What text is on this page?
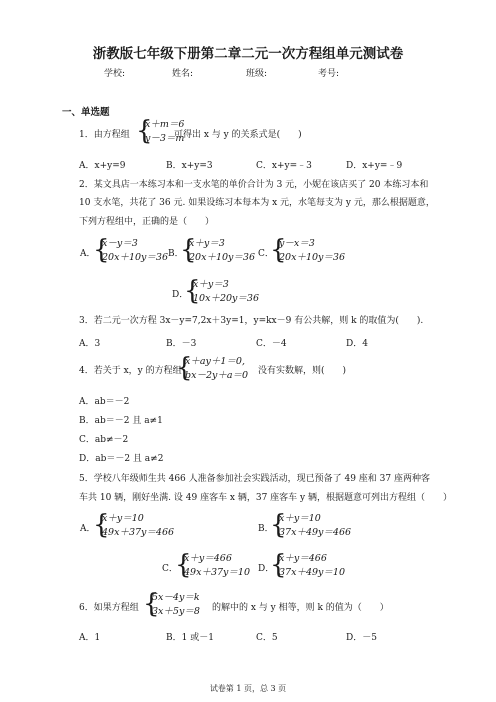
浙教版七年级下册第二章二元一次方程组单元测试卷
学校:	姓名:	班级:	考号:
一、单选题
1．由方程组 {
x＋m＝6
y－3＝m
可得出 x 与 y 的关系式是(　　)
A．x+y=9	B．x+y=3	C．x+y=﹣3	D．x+y=﹣9
2．某文具店一本练习本和一支水笔的单价合计为 3 元，小妮在该店买了 20 本练习本和
10 支水笔，共花了 36 元. 如果设练习本每本为 x 元，水笔每支为 y 元，那么根据题意，
下列方程组中，正确的是（　　）
A．
{
x－y＝3
20x＋10y＝36 B．
{
x＋y＝3
20x＋10y＝36 C．
{
y－x＝3
20x＋10y＝36
D．
{
x＋y＝3
10x＋20y＝36
3．若二元一次方程 3x－y=7,2x＋3y=1，y=kx－9 有公共解，则 k 的取值为(　　).
A．3	B．－3	C．－4	D．4
4．若关于 x，y 的方程组
{
x＋ay＋1＝0,
bx－2y＋a＝0 没有实数解，则(　　)
A．ab＝－2
B．ab＝－2 且 a≠1
C．ab≠－2
D．ab＝－2 且 a≠2
5．学校八年级师生共 466 人准备参加社会实践活动，现已预备了 49 座和 37 座两种客
车共 10 辆，刚好坐满. 设 49 座客车 x 辆，37 座客车 y 辆，根据题意可列出方程组（　　）
A．
{
x＋y＝10
49x＋37y＝466	B．
{
x＋y＝10
37x＋49y＝466
C．
{
x＋y＝466
49x＋37y＝10 D．
{
x＋y＝466
37x＋49y＝10
6．如果方程组 {
5x－4y＝k
3x＋5y＝8 的解中的 x 与 y 相等，则 k 的值为（　　）
A．1	B．1 或－1	C．5	D．－5
试卷第 1 页，总 3 页
